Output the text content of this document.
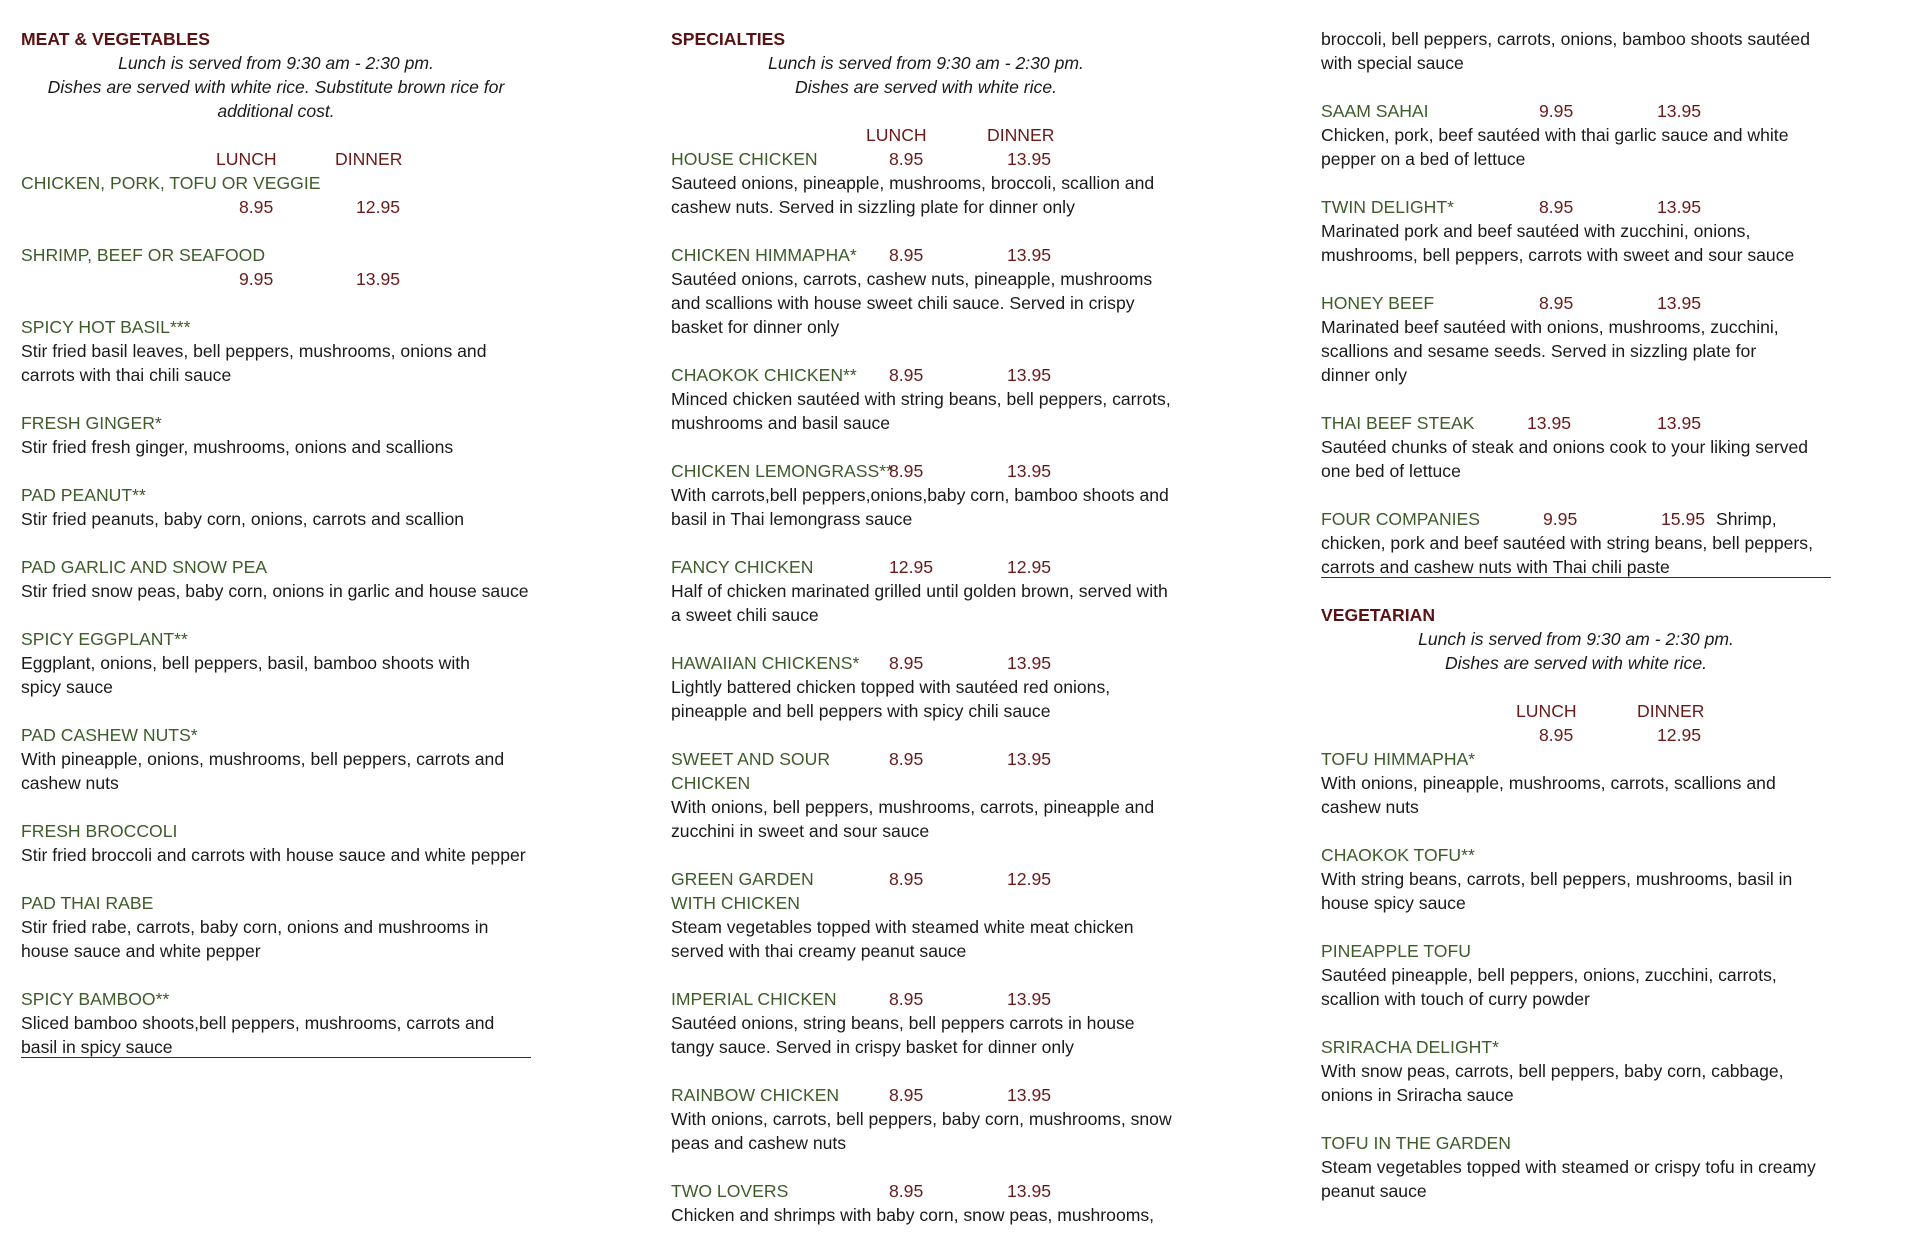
MEAT & VEGETABLES
Lunch is served from 9:30 am - 2:30 pm.
Dishes are served with white rice. Substitute brown rice for
additional cost.
LUNCH	DINNER
CHICKEN, PORK, TOFU OR VEGGIE
8.95	12.95
SHRIMP, BEEF OR SEAFOOD
9.95	13.95
SPICY HOT BASIL***
Stir fried basil leaves, bell peppers, mushrooms, onions and
carrots with thai chili sauce
FRESH GINGER*
Stir fried fresh ginger, mushrooms, onions and scallions
PAD PEANUT**
Stir fried peanuts, baby corn, onions, carrots and scallion
PAD GARLIC AND SNOW PEA
Stir fried snow peas, baby corn, onions in garlic and house sauce
SPICY EGGPLANT**
Eggplant, onions, bell peppers, basil, bamboo shoots with
spicy sauce
PAD CASHEW NUTS*
With pineapple, onions, mushrooms, bell peppers, carrots and
cashew nuts
FRESH BROCCOLI
Stir fried broccoli and carrots with house sauce and white pepper
PAD THAI RABE
Stir fried rabe, carrots, baby corn, onions and mushrooms in
house sauce and white pepper
SPICY BAMBOO**
Sliced bamboo shoots,bell peppers, mushrooms, carrots and
basil in spicy sauce
SPECIALTIES
Lunch is served from 9:30 am - 2:30 pm.
Dishes are served with white rice.
LUNCH	DINNER
HOUSE CHICKEN	8.95	13.95
Sauteed onions, pineapple, mushrooms, broccoli, scallion and
cashew nuts. Served in sizzling plate for dinner only
CHICKEN HIMMAPHA* 8.95	13.95
Sautéed onions, carrots, cashew nuts, pineapple, mushrooms
and scallions with house sweet chili sauce. Served in crispy
basket for dinner only
CHAOKOK CHICKEN** 8.95	13.95
Minced chicken sautéed with string beans, bell peppers, carrots,
mushrooms and basil sauce
CHICKEN LEMONGRASS**
8.95	13.95
With carrots,bell peppers,onions,baby corn, bamboo shoots and
basil in Thai lemongrass sauce
FANCY CHICKEN	12.95	12.95
Half of chicken marinated grilled until golden brown, served with
a sweet chili sauce
HAWAIIAN CHICKENS* 8.95	13.95
Lightly battered chicken topped with sautéed red onions,
pineapple and bell peppers with spicy chili sauce
SWEET AND SOUR	8.95	13.95
CHICKEN
With onions, bell peppers, mushrooms, carrots, pineapple and
zucchini in sweet and sour sauce
GREEN GARDEN	8.95	12.95
WITH CHICKEN
Steam vegetables topped with steamed white meat chicken
served with thai creamy peanut sauce
IMPERIAL CHICKEN	8.95	13.95
Sautéed onions, string beans, bell peppers carrots in house
tangy sauce. Served in crispy basket for dinner only
RAINBOW CHICKEN	8.95	13.95
With onions, carrots, bell peppers, baby corn, mushrooms, snow
peas and cashew nuts
TWO LOVERS	8.95	13.95
Chicken and shrimps with baby corn, snow peas, mushrooms,
broccoli, bell peppers, carrots, onions, bamboo shoots sautéed
with special sauce
SAAM SAHAI	9.95	13.95
Chicken, pork, beef sautéed with thai garlic sauce and white
pepper on a bed of lettuce
TWIN DELIGHT*	8.95	13.95
Marinated pork and beef sautéed with zucchini, onions,
mushrooms, bell peppers, carrots with sweet and sour sauce
HONEY BEEF	8.95	13.95
Marinated beef sautéed with onions, mushrooms, zucchini,
scallions and sesame seeds. Served in sizzling plate for
dinner only
THAI BEEF STEAK	13.95	13.95
Sautéed chunks of steak and onions cook to your liking served
one bed of lettuce
FOUR COMPANIES	9.95	15.95 Shrimp,
chicken, pork and beef sautéed with string beans, bell peppers,
carrots and cashew nuts with Thai chili paste
VEGETARIAN
Lunch is served from 9:30 am - 2:30 pm.
Dishes are served with white rice.
LUNCH	DINNER
8.95	12.95
TOFU HIMMAPHA*
With onions, pineapple, mushrooms, carrots, scallions and
cashew nuts
CHAOKOK TOFU**
With string beans, carrots, bell peppers, mushrooms, basil in
house spicy sauce
PINEAPPLE TOFU
Sautéed pineapple, bell peppers, onions, zucchini, carrots,
scallion with touch of curry powder
SRIRACHA DELIGHT*
With snow peas, carrots, bell peppers, baby corn, cabbage,
onions in Sriracha sauce
TOFU IN THE GARDEN
Steam vegetables topped with steamed or crispy tofu in creamy
peanut sauce
